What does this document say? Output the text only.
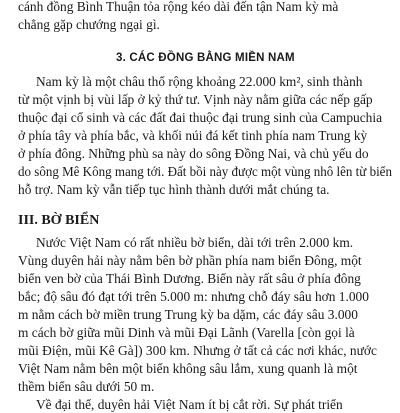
cánh đồng Bình Thuận tỏa rộng kéo dài đến tận Nam kỳ mà
chẳng gặp chướng ngại gì.
3. CÁC ĐỒNG BẰNG MIỀN NAM
Nam kỳ là một châu thổ rộng khoảng 22.000 km², sinh thành
từ một vịnh bị vùi lấp ở kỷ thứ tư. Vịnh này nằm giữa các nếp gấp
thuộc đại cổ sinh và các đất đai thuộc đại trung sinh của Campuchia
ở phía tây và phía bắc, và khối núi đá kết tinh phía nam Trung kỳ
ở phía đông. Những phù sa này do sông Đồng Nai, và chủ yếu do
do sông Mê Kông mang tới. Đất bồi này được một vùng nhô lên từ biển
hỗ trợ. Nam kỳ vẫn tiếp tục hình thành dưới mắt chúng ta.
III. BỜ BIỂN
Nước Việt Nam có rất nhiều bờ biển, dài tới trên 2.000 km.
Vùng duyên hải này nằm bên bờ phần phía nam biển Đông, một
biển ven bờ của Thái Bình Dương. Biển này rất sâu ở phía đông
bắc; độ sâu đó đạt tới trên 5.000 m: nhưng chỗ đáy sâu hơn 1.000
m nằm cách bờ miền trung Trung kỳ ba dặm, các đáy sâu 3.000
m cách bờ giữa mũi Dinh và mũi Đại Lãnh (Varella [còn gọi là
mũi Điện, mũi Kê Gà]) 300 km. Nhưng ở tất cả các nơi khác, nước
Việt Nam nằm bên một biển không sâu lắm, xung quanh là một
thềm biển sâu dưới 50 m.
Về đại thể, duyên hải Việt Nam ít bị cắt rời. Sự phát triển
